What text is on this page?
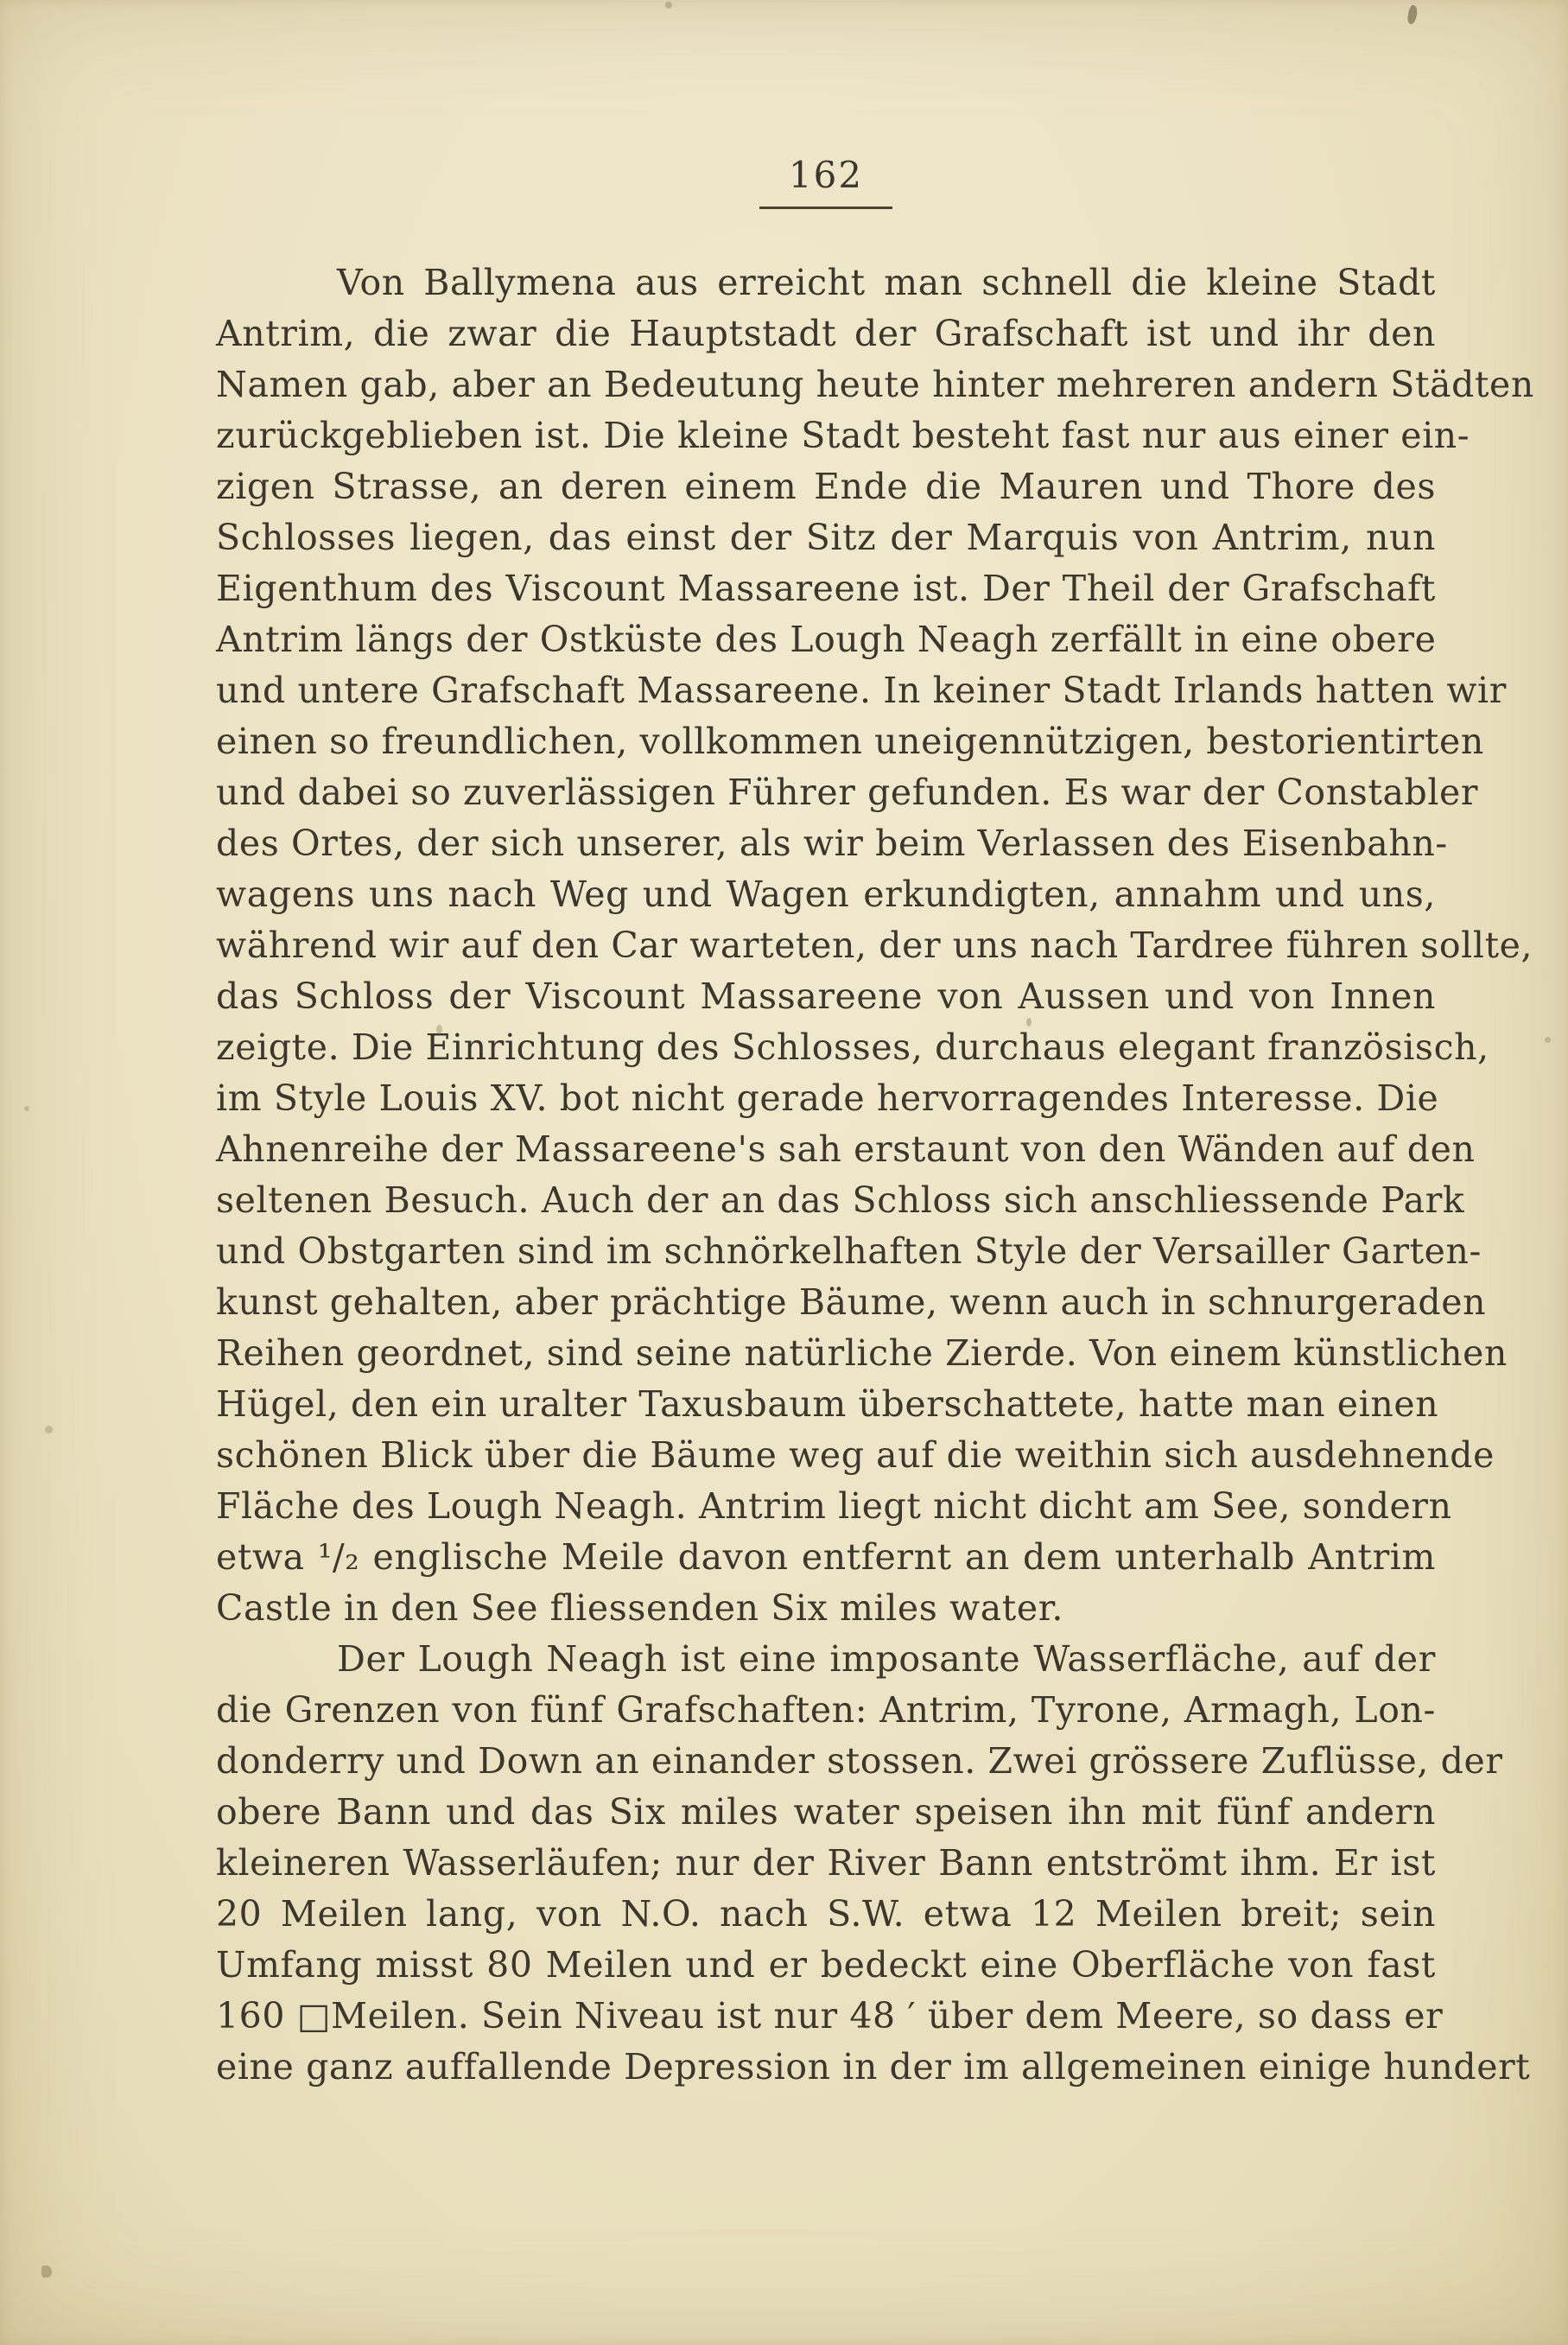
162
Von Ballymena aus erreicht man schnell die kleine Stadt
Antrim, die zwar die Hauptstadt der Grafschaft ist und ihr den
Namen gab, aber an Bedeutung heute hinter mehreren andern Städten
zurückgeblieben ist. Die kleine Stadt besteht fast nur aus einer ein-
zigen Strasse, an deren einem Ende die Mauren und Thore des
Schlosses liegen, das einst der Sitz der Marquis von Antrim, nun
Eigenthum des Viscount Massareene ist. Der Theil der Grafschaft
Antrim längs der Ostküste des Lough Neagh zerfällt in eine obere
und untere Grafschaft Massareene. In keiner Stadt Irlands hatten wir
einen so freundlichen, vollkommen uneigennützigen, bestorientirten
und dabei so zuverlässigen Führer gefunden. Es war der Constabler
des Ortes, der sich unserer, als wir beim Verlassen des Eisenbahn-
wagens uns nach Weg und Wagen erkundigten, annahm und uns,
während wir auf den Car warteten, der uns nach Tardree führen sollte,
das Schloss der Viscount Massareene von Aussen und von Innen
zeigte. Die Einrichtung des Schlosses, durchaus elegant französisch,
im Style Louis XV. bot nicht gerade hervorragendes Interesse. Die
Ahnenreihe der Massareene's sah erstaunt von den Wänden auf den
seltenen Besuch. Auch der an das Schloss sich anschliessende Park
und Obstgarten sind im schnörkelhaften Style der Versailler Garten-
kunst gehalten, aber prächtige Bäume, wenn auch in schnurgeraden
Reihen geordnet, sind seine natürliche Zierde. Von einem künstlichen
Hügel, den ein uralter Taxusbaum überschattete, hatte man einen
schönen Blick über die Bäume weg auf die weithin sich ausdehnende
Fläche des Lough Neagh. Antrim liegt nicht dicht am See, sondern
etwa ¹/₂ englische Meile davon entfernt an dem unterhalb Antrim
Castle in den See fliessenden Six miles water.
Der Lough Neagh ist eine imposante Wasserfläche, auf der
die Grenzen von fünf Grafschaften: Antrim, Tyrone, Armagh, Lon-
donderry und Down an einander stossen. Zwei grössere Zuflüsse, der
obere Bann und das Six miles water speisen ihn mit fünf andern
kleineren Wasserläufen; nur der River Bann entströmt ihm. Er ist
20 Meilen lang, von N.O. nach S.W. etwa 12 Meilen breit; sein
Umfang misst 80 Meilen und er bedeckt eine Oberfläche von fast
160 □Meilen. Sein Niveau ist nur 48 ′ über dem Meere, so dass er
eine ganz auffallende Depression in der im allgemeinen einige hundert
